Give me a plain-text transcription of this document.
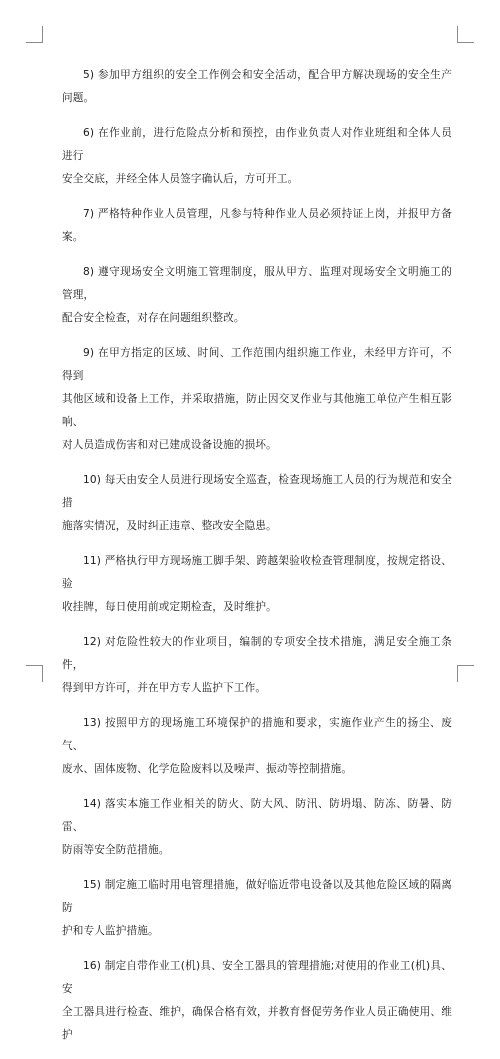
5) 参加甲方组织的安全工作例会和安全活动，配合甲方解决现场的安全生产问题。

6) 在作业前，进行危险点分析和预控，由作业负责人对作业班组和全体人员进行
安全交底，并经全体人员签字确认后，方可开工。

7) 严格特种作业人员管理，凡参与特种作业人员必须持证上岗，并报甲方备案。

8) 遵守现场安全文明施工管理制度，服从甲方、监理对现场安全文明施工的管理，
配合安全检查，对存在问题组织整改。

9) 在甲方指定的区域、时间、工作范围内组织施工作业，未经甲方许可，不得到
其他区域和设备上工作，并采取措施，防止因交叉作业与其他施工单位产生相互影响、
对人员造成伤害和对已建成设备设施的损坏。

10) 每天由安全人员进行现场安全巡查，检查现场施工人员的行为规范和安全措
施落实情况，及时纠正违章、整改安全隐患。

11) 严格执行甲方现场施工脚手架、跨越架验收检查管理制度，按规定搭设、验
收挂牌，每日使用前或定期检查，及时维护。

12) 对危险性较大的作业项目，编制的专项安全技术措施，满足安全施工条件，
得到甲方许可，并在甲方专人监护下工作。

13) 按照甲方的现场施工环境保护的措施和要求，实施作业产生的扬尘、废气、
废水、固体废物、化学危险废料以及噪声、振动等控制措施。

14) 落实本施工作业相关的防火、防大风、防汛、防坍塌、防冻、防暑、防雷、
防雨等安全防范措施。

15) 制定施工临时用电管理措施，做好临近带电设备以及其他危险区域的隔离防
护和专人监护措施。

16) 制定自带作业工(机)具、安全工器具的管理措施;对使用的作业工(机)具、安
全工器具进行检查、维护，确保合格有效，并教育督促劳务作业人员正确使用、维护
